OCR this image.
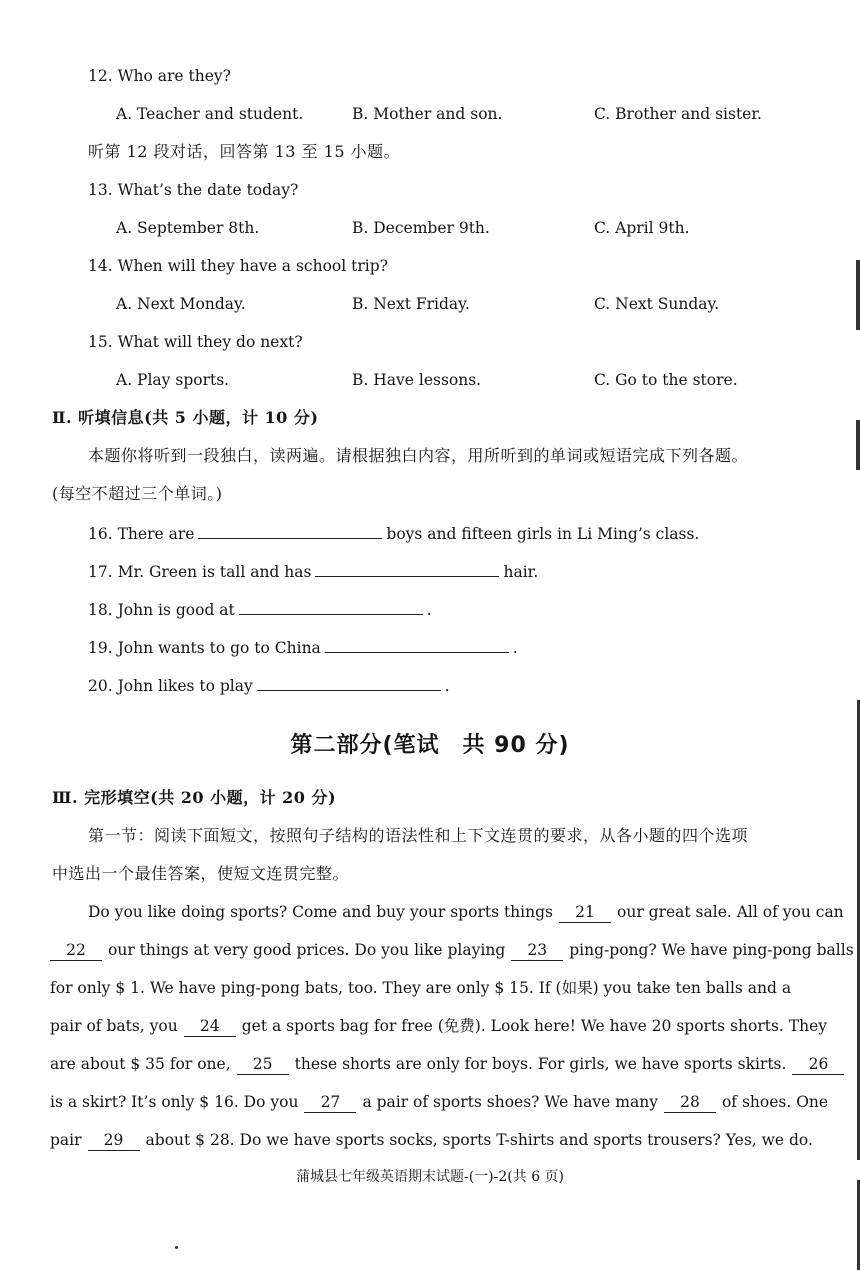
12. Who are they?
A. Teacher and student.	B. Mother and son.	C. Brother and sister.
听第 12 段对话，回答第 13 至 15 小题。
13. What’s the date today?
A. September 8th.	B. December 9th.	C. April 9th.
14. When will they have a school trip?
A. Next Monday.	B. Next Friday.	C. Next Sunday.
15. What will they do next?
A. Play sports.	B. Have lessons.	C. Go to the store.
Ⅱ. 听填信息(共 5 小题，计 10 分)
本题你将听到一段独白，读两遍。请根据独白内容，用所听到的单词或短语完成下列各题。
(每空不超过三个单词。)
16. There are	boys and fifteen girls in Li Ming’s class.
17. Mr. Green is tall and has	hair.
18. John is good at	.
19. John wants to go to China	.
20. John likes to play	.
第二部分(笔试　共 90 分)
Ⅲ. 完形填空(共 20 小题，计 20 分)
第一节：阅读下面短文，按照句子结构的语法性和上下文连贯的要求，从各小题的四个选项
中选出一个最佳答案，使短文连贯完整。
Do you like doing sports? Come and buy your sports things 21 our great sale. All of you can
22 our things at very good prices. Do you like playing 23 ping-pong? We have ping-pong balls
for only $ 1. We have ping-pong bats, too. They are only $ 15. If (如果) you take ten balls and a
pair of bats, you 24 get a sports bag for free (免费). Look here! We have 20 sports shorts. They
are about $ 35 for one, 25 these shorts are only for boys. For girls, we have sports skirts. 26
is a skirt? It’s only $ 16. Do you 27 a pair of sports shoes? We have many 28 of shoes. One
pair 29 about $ 28. Do we have sports socks, sports T-shirts and sports trousers? Yes, we do.
蒲城县七年级英语期末试题-(一)-2(共 6 页)
